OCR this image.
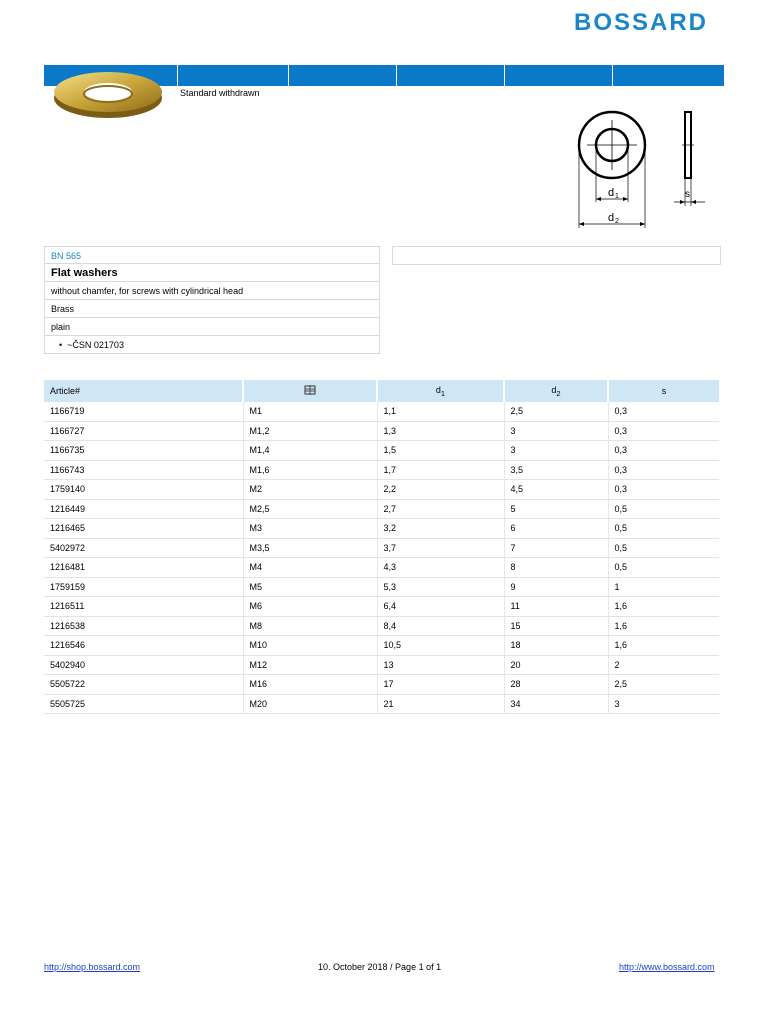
BOSSARD
DIN 433
Standard withdrawn
d 1
d 2
s
BN 565
Flat washers
without chamfer, for screws with cylindrical head
Brass
plain
•  ~ČSN 021703
Article#		$d_1$	$d_2$	s
1166719	M1	1,1	2,5	0,3
1166727	M1,2	1,3	3	0,3
1166735	M1,4	1,5	3	0,3
1166743	M1,6	1,7	3,5	0,3
1759140	M2	2,2	4,5	0,3
1216449	M2,5	2,7	5	0,5
1216465	M3	3,2	6	0,5
5402972	M3,5	3,7	7	0,5
1216481	M4	4,3	8	0,5
1759159	M5	5,3	9	1
1216511	M6	6,4	11	1,6
1216538	M8	8,4	15	1,6
1216546	M10	10,5	18	1,6
5402940	M12	13	20	2
5505722	M16	17	28	2,5
5505725	M20	21	34	3
http://shop.bossard.com	10. October 2018 / Page 1 of 1	http://www.bossard.com
